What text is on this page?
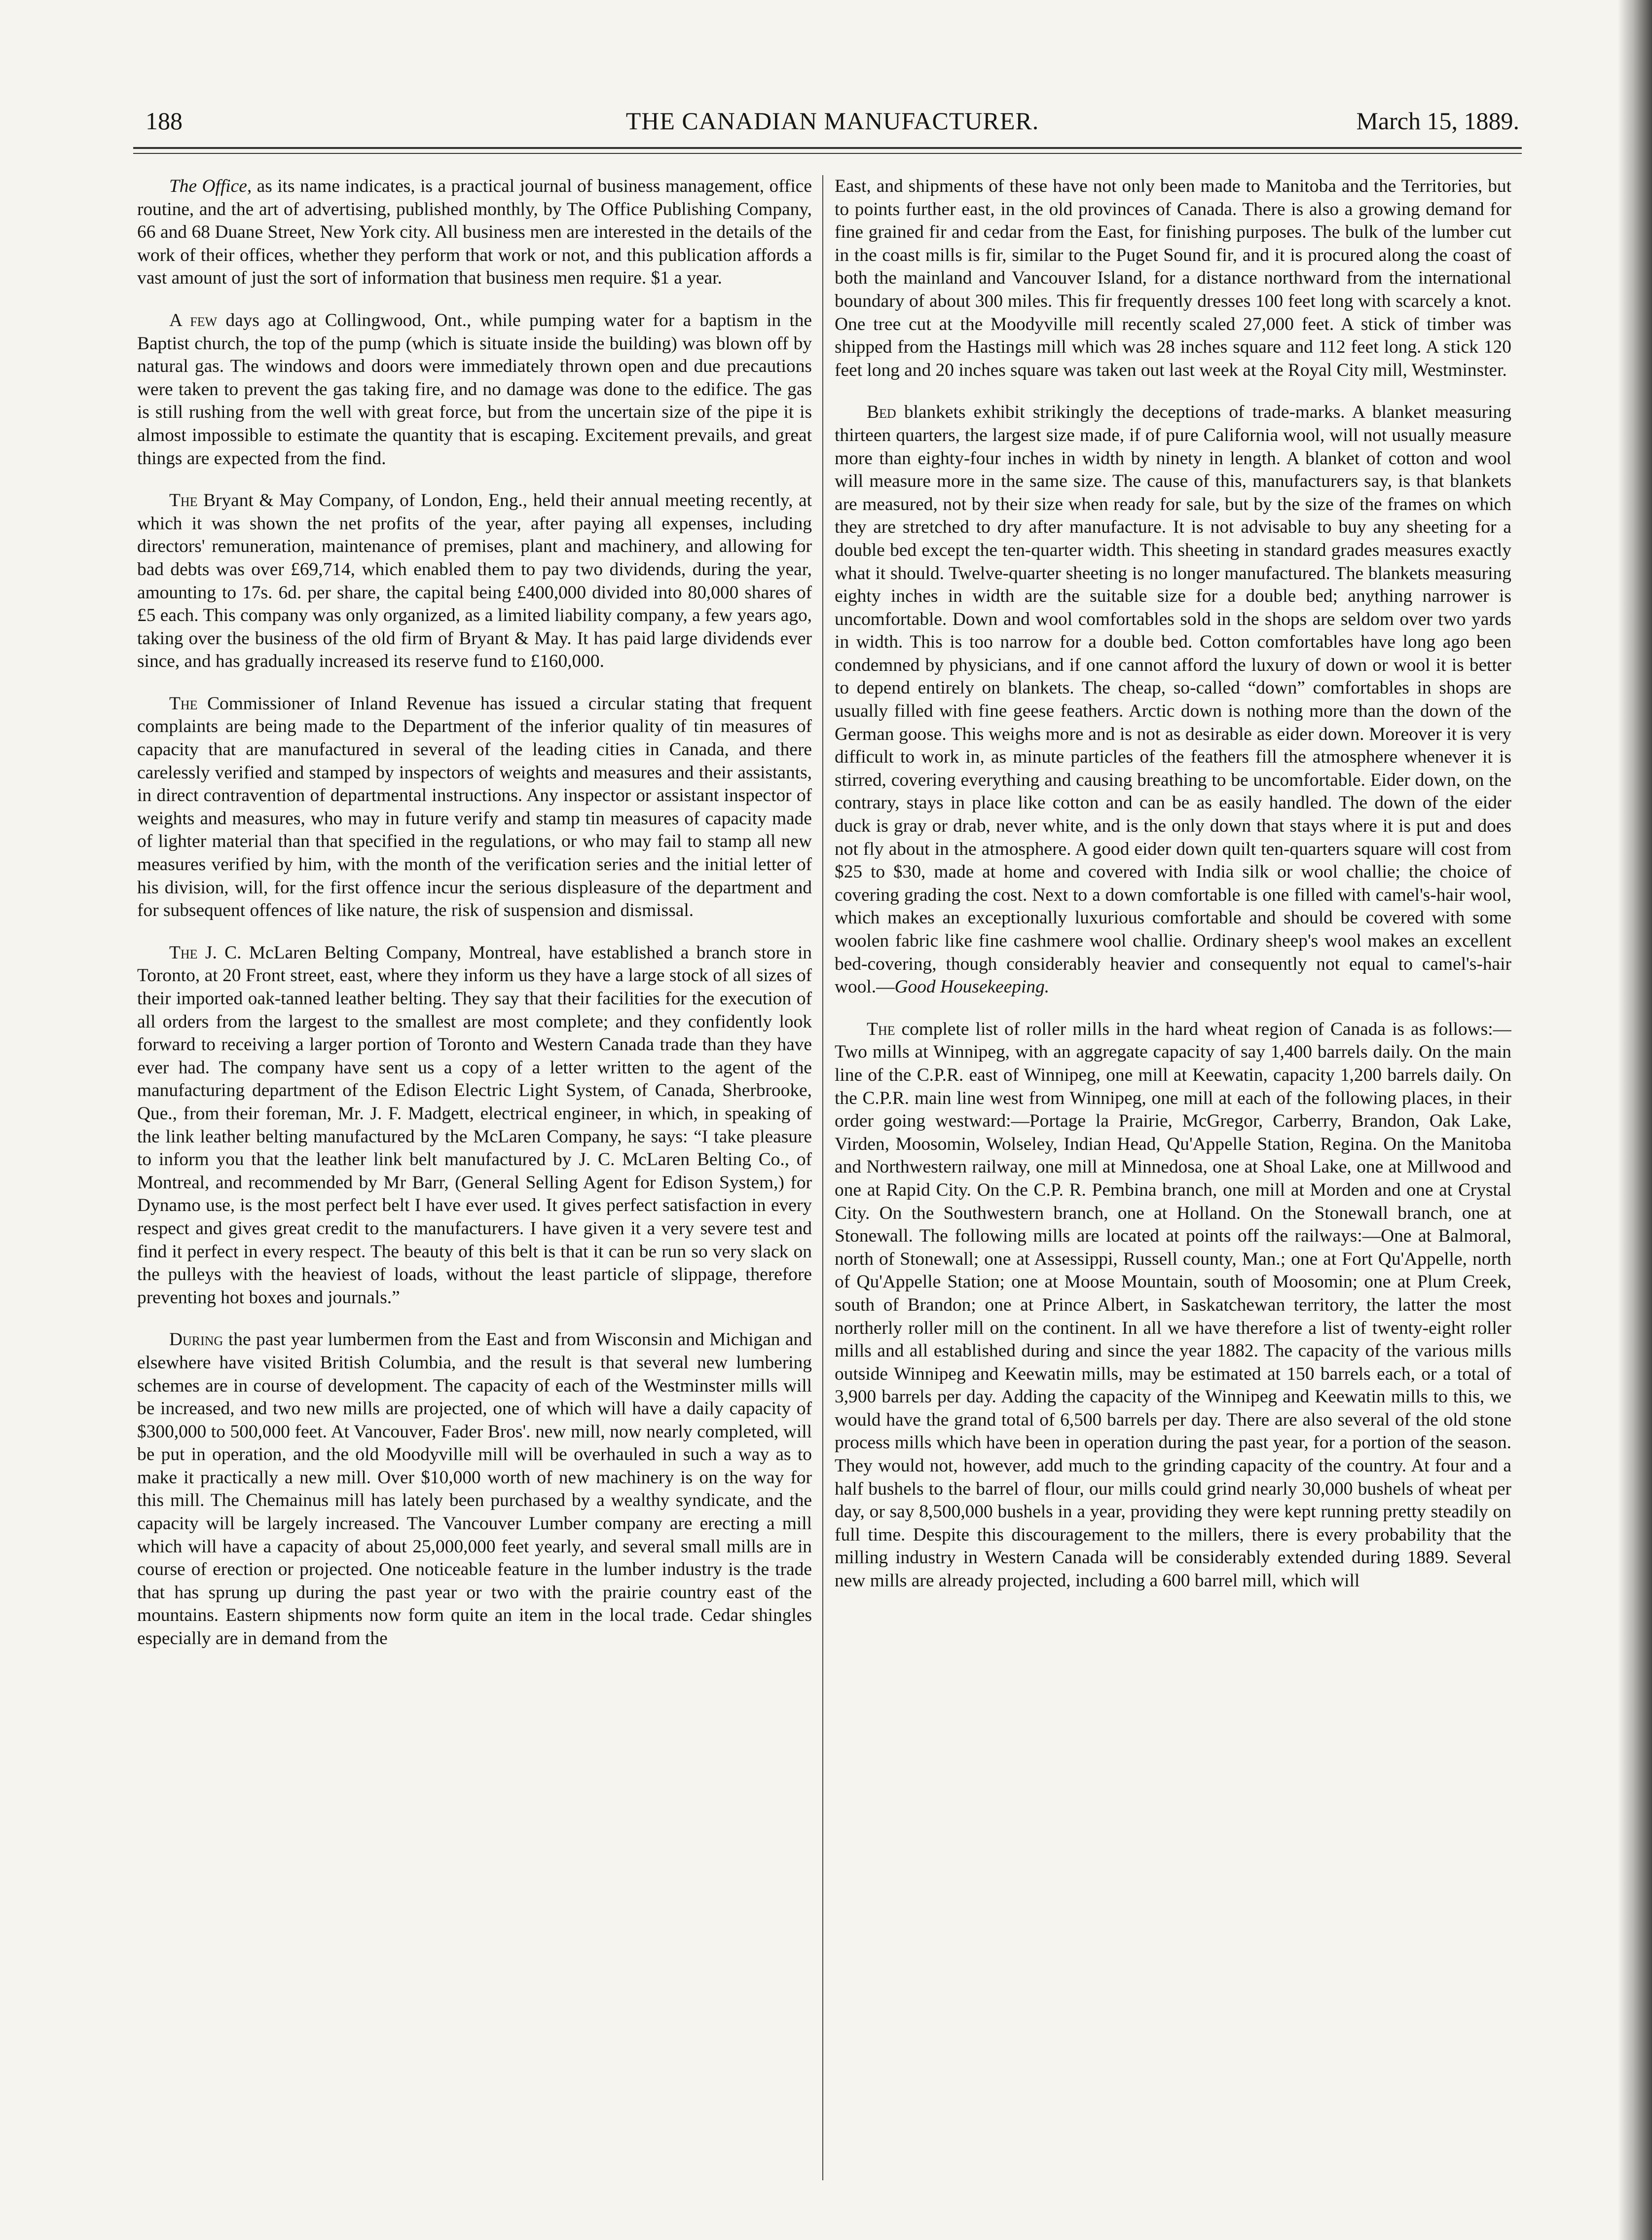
188	THE CANADIAN MANUFACTURER.	March 15, 1889.

The Office, as its name indicates, is a practical journal of business management, office routine, and the art of advertising, published monthly, by The Office Publishing Company, 66 and 68 Duane Street, New York city. All business men are interested in the details of the work of their offices, whether they perform that work or not, and this publication affords a vast amount of just the sort of information that business men require. $1 a year.

A few days ago at Collingwood, Ont., while pumping water for a baptism in the Baptist church, the top of the pump (which is situate inside the building) was blown off by natural gas. The windows and doors were immediately thrown open and due precautions were taken to prevent the gas taking fire, and no damage was done to the edifice. The gas is still rushing from the well with great force, but from the uncertain size of the pipe it is almost impossible to estimate the quantity that is escaping. Excitement prevails, and great things are expected from the find.

The Bryant & May Company, of London, Eng., held their annual meeting recently, at which it was shown the net profits of the year, after paying all expenses, including directors' remuneration, maintenance of premises, plant and machinery, and allowing for bad debts was over £69,714, which enabled them to pay two dividends, during the year, amounting to 17s. 6d. per share, the capital being £400,000 divided into 80,000 shares of £5 each. This company was only organized, as a limited liability company, a few years ago, taking over the business of the old firm of Bryant & May. It has paid large dividends ever since, and has gradually increased its reserve fund to £160,000.

The Commissioner of Inland Revenue has issued a circular stating that frequent complaints are being made to the Department of the inferior quality of tin measures of capacity that are manufactured in several of the leading cities in Canada, and there carelessly verified and stamped by inspectors of weights and measures and their assistants, in direct contravention of departmental instructions. Any inspector or assistant inspector of weights and measures, who may in future verify and stamp tin measures of capacity made of lighter material than that specified in the regulations, or who may fail to stamp all new measures verified by him, with the month of the verification series and the initial letter of his division, will, for the first offence incur the serious displeasure of the department and for subsequent offences of like nature, the risk of suspension and dismissal.

The J. C. McLaren Belting Company, Montreal, have established a branch store in Toronto, at 20 Front street, east, where they inform us they have a large stock of all sizes of their imported oak-tanned leather belting. They say that their facilities for the execution of all orders from the largest to the smallest are most complete; and they confidently look forward to receiving a larger portion of Toronto and Western Canada trade than they have ever had. The company have sent us a copy of a letter written to the agent of the manufacturing department of the Edison Electric Light System, of Canada, Sherbrooke, Que., from their foreman, Mr. J. F. Madgett, electrical engineer, in which, in speaking of the link leather belting manufactured by the McLaren Company, he says: “I take pleasure to inform you that the leather link belt manufactured by J. C. McLaren Belting Co., of Montreal, and recommended by Mr Barr, (General Selling Agent for Edison System,) for Dynamo use, is the most perfect belt I have ever used. It gives perfect satisfaction in every respect and gives great credit to the manufacturers. I have given it a very severe test and find it perfect in every respect. The beauty of this belt is that it can be run so very slack on the pulleys with the heaviest of loads, without the least particle of slippage, therefore preventing hot boxes and journals.”

During the past year lumbermen from the East and from Wisconsin and Michigan and elsewhere have visited British Columbia, and the result is that several new lumbering schemes are in course of development. The capacity of each of the Westminster mills will be increased, and two new mills are projected, one of which will have a daily capacity of $300,000 to 500,000 feet. At Vancouver, Fader Bros'. new mill, now nearly completed, will be put in operation, and the old Moodyville mill will be overhauled in such a way as to make it practically a new mill. Over $10,000 worth of new machinery is on the way for this mill. The Chemainus mill has lately been purchased by a wealthy syndicate, and the capacity will be largely increased. The Vancouver Lumber company are erecting a mill which will have a capacity of about 25,000,000 feet yearly, and several small mills are in course of erection or projected. One noticeable feature in the lumber industry is the trade that has sprung up during the past year or two with the prairie country east of the mountains. Eastern shipments now form quite an item in the local trade. Cedar shingles especially are in demand from the

East, and shipments of these have not only been made to Manitoba and the Territories, but to points further east, in the old provinces of Canada. There is also a growing demand for fine grained fir and cedar from the East, for finishing purposes. The bulk of the lumber cut in the coast mills is fir, similar to the Puget Sound fir, and it is procured along the coast of both the mainland and Vancouver Island, for a distance northward from the international boundary of about 300 miles. This fir frequently dresses 100 feet long with scarcely a knot. One tree cut at the Moodyville mill recently scaled 27,000 feet. A stick of timber was shipped from the Hastings mill which was 28 inches square and 112 feet long. A stick 120 feet long and 20 inches square was taken out last week at the Royal City mill, Westminster.

Bed blankets exhibit strikingly the deceptions of trade-marks. A blanket measuring thirteen quarters, the largest size made, if of pure California wool, will not usually measure more than eighty-four inches in width by ninety in length. A blanket of cotton and wool will measure more in the same size. The cause of this, manufacturers say, is that blankets are measured, not by their size when ready for sale, but by the size of the frames on which they are stretched to dry after manufacture. It is not advisable to buy any sheeting for a double bed except the ten-quarter width. This sheeting in standard grades measures exactly what it should. Twelve-quarter sheeting is no longer manufactured. The blankets measuring eighty inches in width are the suitable size for a double bed; anything narrower is uncomfortable. Down and wool comfortables sold in the shops are seldom over two yards in width. This is too narrow for a double bed. Cotton comfortables have long ago been condemned by physicians, and if one cannot afford the luxury of down or wool it is better to depend entirely on blankets. The cheap, so-called “down” comfortables in shops are usually filled with fine geese feathers. Arctic down is nothing more than the down of the German goose. This weighs more and is not as desirable as eider down. Moreover it is very difficult to work in, as minute particles of the feathers fill the atmosphere whenever it is stirred, covering everything and causing breathing to be uncomfortable. Eider down, on the contrary, stays in place like cotton and can be as easily handled. The down of the eider duck is gray or drab, never white, and is the only down that stays where it is put and does not fly about in the atmosphere. A good eider down quilt ten-quarters square will cost from $25 to $30, made at home and covered with India silk or wool challie; the choice of covering grading the cost. Next to a down comfortable is one filled with camel's-hair wool, which makes an exceptionally luxurious comfortable and should be covered with some woolen fabric like fine cashmere wool challie. Ordinary sheep's wool makes an excellent bed-covering, though considerably heavier and consequently not equal to camel's-hair wool.—Good Housekeeping.

The complete list of roller mills in the hard wheat region of Canada is as follows:—Two mills at Winnipeg, with an aggregate capacity of say 1,400 barrels daily. On the main line of the C.P.R. east of Winnipeg, one mill at Keewatin, capacity 1,200 barrels daily. On the C.P.R. main line west from Winnipeg, one mill at each of the following places, in their order going westward:—Portage la Prairie, McGregor, Carberry, Brandon, Oak Lake, Virden, Moosomin, Wolseley, Indian Head, Qu'Appelle Station, Regina. On the Manitoba and Northwestern railway, one mill at Minnedosa, one at Shoal Lake, one at Millwood and one at Rapid City. On the C.P. R. Pembina branch, one mill at Morden and one at Crystal City. On the Southwestern branch, one at Holland. On the Stonewall branch, one at Stonewall. The following mills are located at points off the railways:—One at Balmoral, north of Stonewall; one at Assessippi, Russell county, Man.; one at Fort Qu'Appelle, north of Qu'Appelle Station; one at Moose Mountain, south of Moosomin; one at Plum Creek, south of Brandon; one at Prince Albert, in Saskatchewan territory, the latter the most northerly roller mill on the continent. In all we have therefore a list of twenty-eight roller mills and all established during and since the year 1882. The capacity of the various mills outside Winnipeg and Keewatin mills, may be estimated at 150 barrels each, or a total of 3,900 barrels per day. Adding the capacity of the Winnipeg and Keewatin mills to this, we would have the grand total of 6,500 barrels per day. There are also several of the old stone process mills which have been in operation during the past year, for a portion of the season. They would not, however, add much to the grinding capacity of the country. At four and a half bushels to the barrel of flour, our mills could grind nearly 30,000 bushels of wheat per day, or say 8,500,000 bushels in a year, providing they were kept running pretty steadily on full time. Despite this discouragement to the millers, there is every probability that the milling industry in Western Canada will be considerably extended during 1889. Several new mills are already projected, including a 600 barrel mill, which will
